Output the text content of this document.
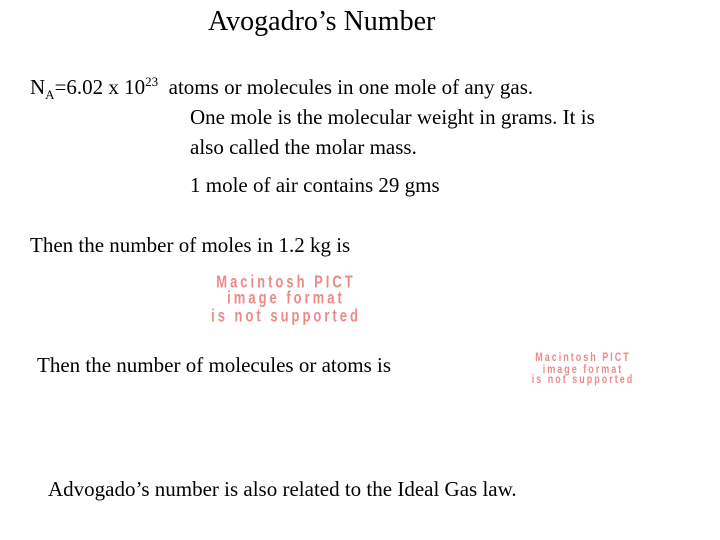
Avogadro’s Number
$N_A=6.02$ x $10^{23}$  atoms or molecules in one mole of any gas.
One mole is the molecular weight in grams. It is
also called the molar mass.
1 mole of air contains 29 gms
Then the number of moles in 1.2 kg is
Macintosh PICT
image format
is not supported
Then the number of molecules or atoms is	Macintosh PICT
image format
is not supported
Advogado’s number is also related to the Ideal Gas law.
